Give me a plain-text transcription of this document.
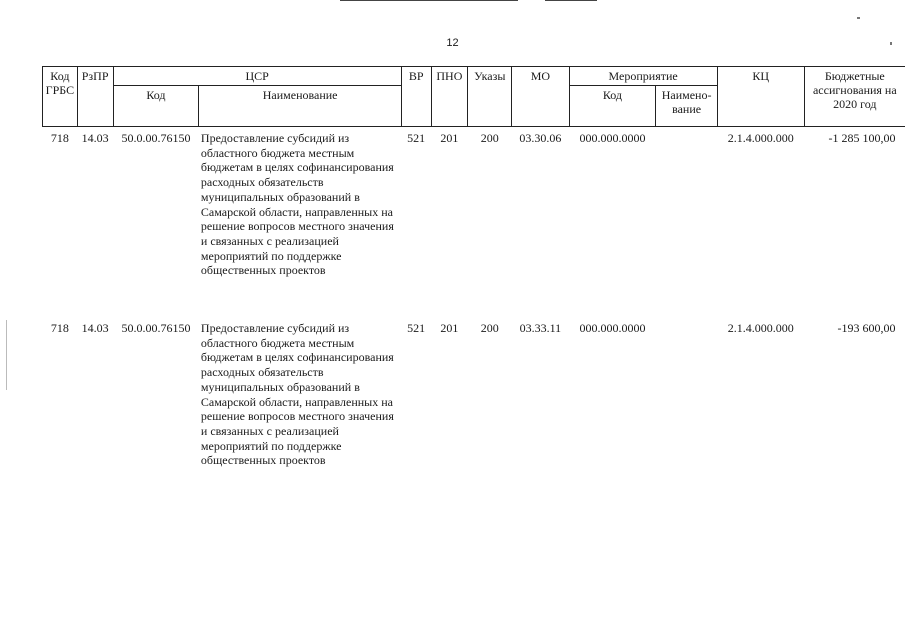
12
Код ГРБС	РзПР	ЦСР		ВР	ПНО	Указы	МО	Мероприятие		КЦ	Бюджетные ассигнования на 2020 год
		Код	Наименование					Код	Наимено-вание		
718	14.03	50.0.00.76150	Предоставление субсидий из областного бюджета местным бюджетам в целях софинансирования расходных обязательств муниципальных образований в Самарской области, направленных на решение вопросов местного значения и связанных с реализацией мероприятий по поддержке общественных проектов	521	201	200	03.30.06	000.000.0000		2.1.4.000.000	-1 285 100,00
718	14.03	50.0.00.76150	Предоставление субсидий из областного бюджета местным бюджетам в целях софинансирования расходных обязательств муниципальных образований в Самарской области, направленных на решение вопросов местного значения и связанных с реализацией мероприятий по поддержке общественных проектов	521	201	200	03.33.11	000.000.0000		2.1.4.000.000	-193 600,00
